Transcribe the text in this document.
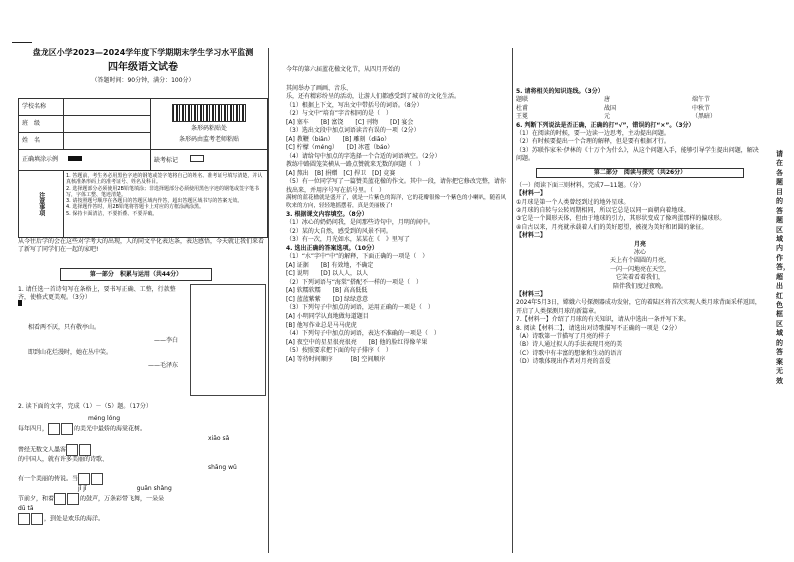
盘龙区小学2023—2024学年度下学期期末学生学习水平监测
四年级语文试卷
（答题时间：90分钟，满分：100分）
学校名称		条形码粘贴处
条形码由监考老师粘贴

班　级		
姓　名		
正确填涂示例		缺考标记
注意事项	1. 答题前，考生务必用黑色字迹的钢笔或签字笔将自己的姓名、准考证号填写清楚，并认真核准条形码上的准考证号、姓名及科目。
2. 选择题部分必须使用2B铅笔填涂；非选择题部分必须使用黑色字迹的钢笔或签字笔书写，字体工整、笔迹清楚。
3. 请按照题号顺序在各题目的答题区域内作答，超出答题区域书写的答案无效。
4. 选择题作答时，用2B铅笔将答题卡上对应的方框涂满涂黑。
5. 保持卡面清洁，不要折叠、不要弄破。	
从今往后学的会在这些对学考大的出现，人的同文平化表达条，表达感悟，今天就让我们来看了新写了同学们在一起的家吧!
第一部分　积累与运用（共44分）
1. 请任选一首诗句写在条格上，要书写正确、工整，行款整齐，使格式更美观。（3分）
相看两不厌，只有敬亭山。
——李白
即到山花烂漫时，她在丛中笑。
——毛泽东
2. 读下面的文字，完成（1）－（5）题。（17分）
méng lóng
每年四月，	的美光中最娇的海棠花树。
xiāo sǎ
曾经无数文人墨客
的中国人，就有许多美丽的诗歌、
shāng wǔ
有一个美丽的传说。当
jǐ jǐ	guān shǎng
节前夕，和着	的鼓声，万条彩带飞舞，一朵朵
dū tā
，到处是欢乐的海洋。

今年的第六届蓝花楹文化节，从四月开始的

其间举办了画画、音乐、

乐，还有精彩纷呈的活动，让游人们都感受到了城市的文化生活。

（1）根据上下文，写出文中带括号的词语。（8分）

（2）与文中“培育”字音相同的是（　）

[A] 塞车　　[B] 富饶　　[C] 刊物　　[D] 宴会

（3）选出文段中加点词语读音有误的一项（2分）

[A] 教鞭（biān）　　[B] 雕刻（diāo）

[C] 柠檬（méng）　　[D] 冰雹（báo）

（4）请给句中加点的字选择一个合适的词语填空。（2分）

教练中路圆笼笑横从一路点赞就来无数的问题（　）

[A] 熬出　[B] 捐赠　[C] 捍卫　[D] 竞赛

（5）有一位同学写了一篇赞美蓝花楹的作文。其中一段，请你把它修改完整，请你找出来，并用序号写在括号里。（　）

满树的蓝花楹就是盛开了，就是一片紫色的海洋，它的花瓣很像一个紫色的小喇叭，随着风吹来的方向，轻轻地摇摆着，真是美丽极了!

3. 根据课文内容填空。（8分）

（1）冰心的奶奶问我，是问那些诗句中，月明的间中。

（2）某的大自然，感受到的风景不同。

（3）有一次，月光如水，某某在《　》里写了

4. 选出正确的答案选项。（10分）

（1）“水”字中“中”的解释，下面正确的一项是（　）

[A] 证据　　[B] 有效地，不确定

[C] 说明　　[D] 以人人，以人

（2）下列词语与“海棠”搭配不一样的一项是（　）

[A] 软糯软糯　　[B] 高高低低

[C] 蓝蓝紫紫　　[D] 绿绿意意

（3）下列句子中加点的词语，运用正确的一项是（　）

[A] 小明同学认真地做每道题目

[B] 他写作业总是马马虎虎

（4）下列句子中加点的词语，表达不准确的一项是（　）

[A] 夜空中的星星很亮很亮　　[B] 他的脸红得像苹果

（5）按照要求把下面的句子排序（　）

[A] 等待时间顺序　　　[B] 空间顺序

5. 请将相关的知识连线。（3分）

题联
杜甫
王冕
唐
战国
元
端午节
中秋节
（黑暗）

6. 判断下列说法是否正确，正确的打“√”，错误的打“×”。（3分）

（1）在阅读的时候，要一边读一边思考，主动提出问题。

（2）有时候要提出一个合理的解释，但是要有根据才行。

（3）苏联作家米·伊林的《十万个为什么》，从这个问题入手，能够引导学生提出问题，解决问题。

第二部分　阅读与探究（共26分）

（一）阅读下面三则材料，完成7—11题。（分）

【材料一】

①月球是第一个人类曾经到过的地外星球。

②月球的自转与公转周期相同，所以它总是以同一面朝向着地球。

③它是一个圆形天体，但由于地球的引力，其形状变成了像鸡蛋那样的偏球形。

④自古以来，月亮就承载着人们的美好愿望，被视为美好和团圆的象征。

【材料二】

月亮

冰心

天上有个圆圆的月亮，

一闪一闪地亮在天空，

它笑着看着我们，

陪伴我们度过夜晚。

【材料三】

2024年5月3日，嫦娥六号探测器成功发射，它的着陆区将首次实现人类月球背面采样返回，开启了人类探测月球的新篇章。

7.【材料一】介绍了月球的有关知识，请从中选出一条并写下来。

8. 阅读【材料二】，请选出对诗歌描写不正确的一项是（2分）

（A）诗歌第一节描写了月亮的样子

（B）诗人通过拟人的手法表现月亮的美

（C）诗歌中有丰富的想象和生动的语言

（D）诗歌体现出作者对月亮的喜爱

请在各题目的答题区域内作答，超出红色框区域的答案无效
